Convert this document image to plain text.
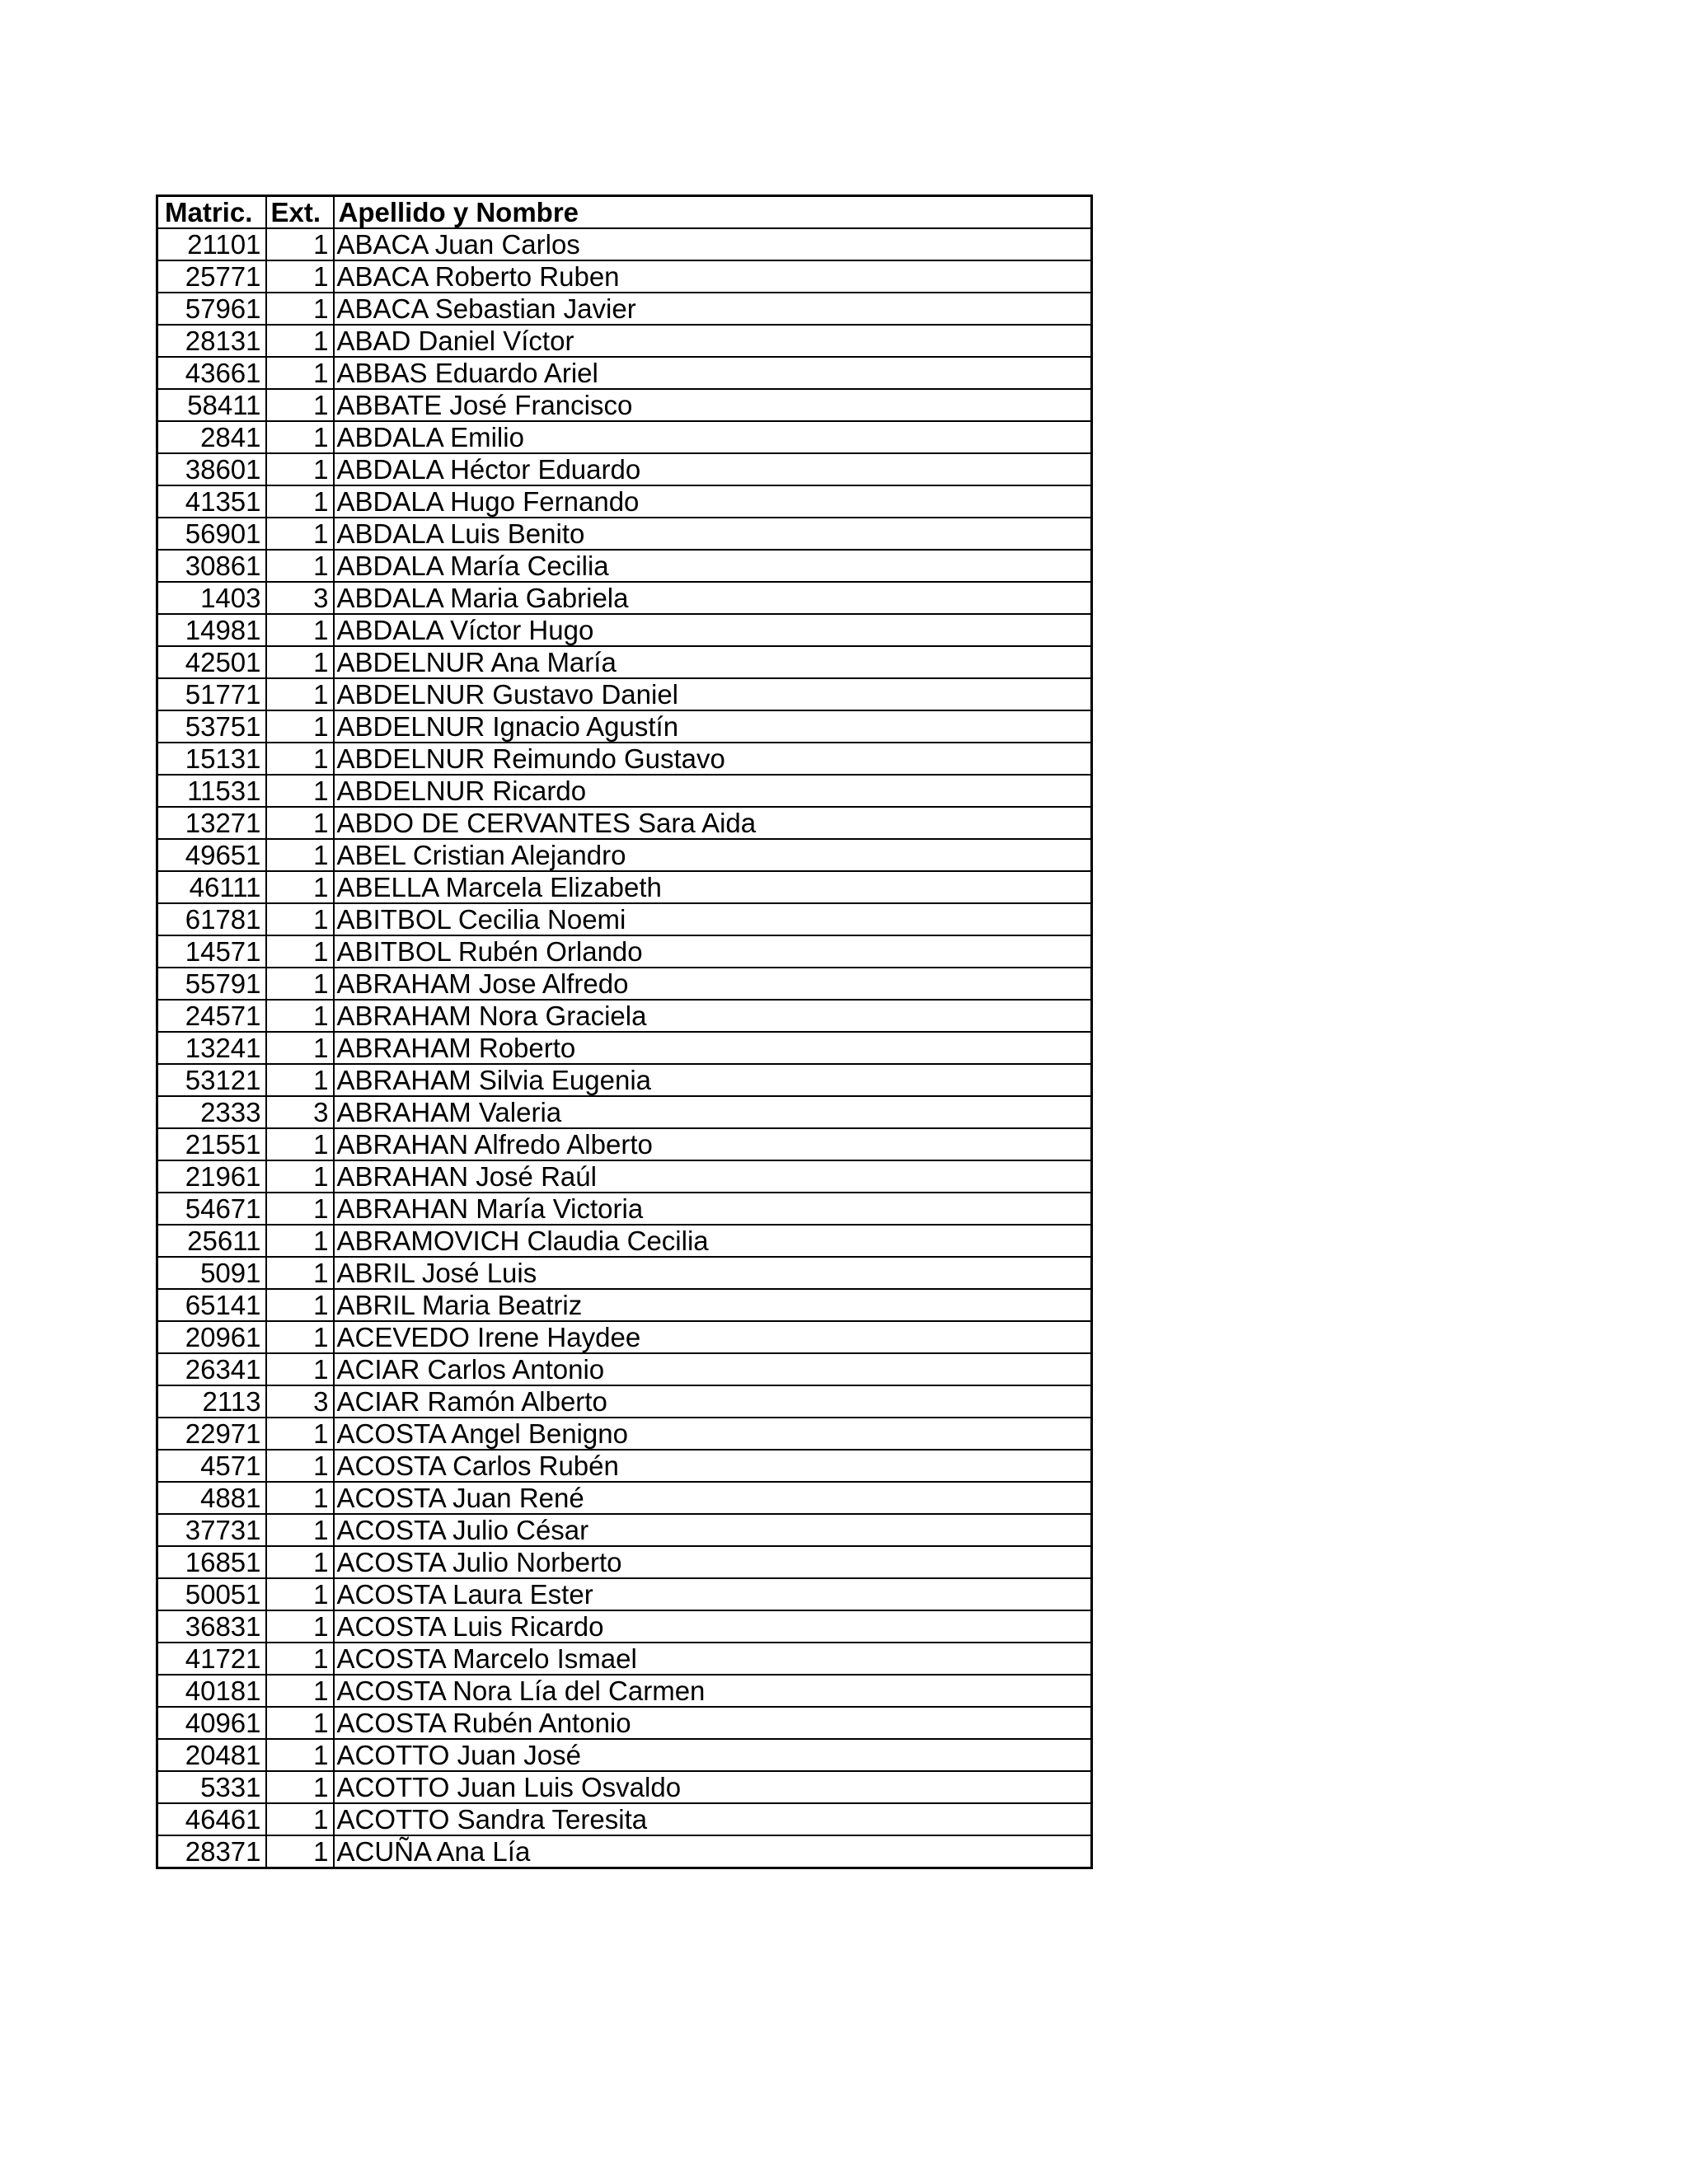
Matric.	Ext.	Apellido y Nombre
21101	1	ABACA Juan Carlos
25771	1	ABACA Roberto Ruben
57961	1	ABACA Sebastian Javier
28131	1	ABAD Daniel Víctor
43661	1	ABBAS Eduardo Ariel
58411	1	ABBATE José Francisco
2841	1	ABDALA Emilio
38601	1	ABDALA Héctor Eduardo
41351	1	ABDALA Hugo Fernando
56901	1	ABDALA Luis Benito
30861	1	ABDALA María Cecilia
1403	3	ABDALA Maria Gabriela
14981	1	ABDALA Víctor Hugo
42501	1	ABDELNUR Ana María
51771	1	ABDELNUR Gustavo Daniel
53751	1	ABDELNUR Ignacio Agustín
15131	1	ABDELNUR Reimundo Gustavo
11531	1	ABDELNUR Ricardo
13271	1	ABDO DE CERVANTES Sara Aida
49651	1	ABEL Cristian Alejandro
46111	1	ABELLA Marcela Elizabeth
61781	1	ABITBOL Cecilia Noemi
14571	1	ABITBOL Rubén Orlando
55791	1	ABRAHAM Jose Alfredo
24571	1	ABRAHAM Nora Graciela
13241	1	ABRAHAM Roberto
53121	1	ABRAHAM Silvia Eugenia
2333	3	ABRAHAM Valeria
21551	1	ABRAHAN Alfredo Alberto
21961	1	ABRAHAN José Raúl
54671	1	ABRAHAN María Victoria
25611	1	ABRAMOVICH Claudia Cecilia
5091	1	ABRIL José Luis
65141	1	ABRIL Maria Beatriz
20961	1	ACEVEDO Irene Haydee
26341	1	ACIAR Carlos Antonio
2113	3	ACIAR Ramón Alberto
22971	1	ACOSTA Angel Benigno
4571	1	ACOSTA Carlos Rubén
4881	1	ACOSTA Juan René
37731	1	ACOSTA Julio César
16851	1	ACOSTA Julio Norberto
50051	1	ACOSTA Laura Ester
36831	1	ACOSTA Luis Ricardo
41721	1	ACOSTA Marcelo Ismael
40181	1	ACOSTA Nora Lía del Carmen
40961	1	ACOSTA Rubén Antonio
20481	1	ACOTTO Juan José
5331	1	ACOTTO Juan Luis Osvaldo
46461	1	ACOTTO Sandra Teresita
28371	1	ACUÑA Ana Lía
